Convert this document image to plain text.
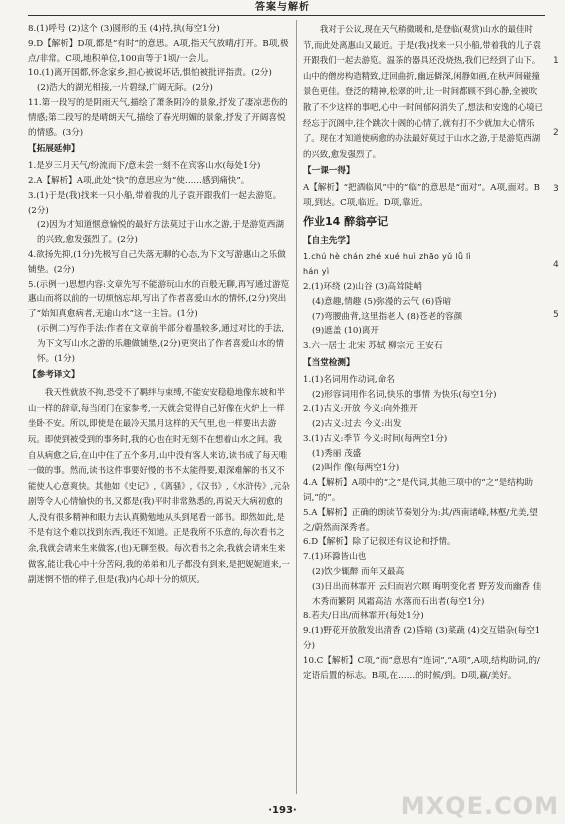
答案与解析

8.(1)呼号 (2)这个 (3)圆形的玉 (4)持,执(每空1分)

9.D【解析】D项,都是“有时”的意思。A项,指天气放晴/打开。B项,极点/非常。C项,地积单位,100亩等于1顷/一会儿。

10.(1)离开国都,怀念家乡,担心被说坏话,惧怕被批评指责。(2分)

(2)浩大的湖光相接,一片碧绿,广阔无际。(2分)

11.第一段写的是阴雨天气,描绘了萧条阴冷的景象,抒发了凄凉悲伤的情感;第二段写的是晴朗天气,描绘了春光明媚的景象,抒发了开阔喜悦的情感。(3分)

【拓展延伸】

1.是岁三月天气/纷流而下/意未尝一刻不在宾客山水(每处1分)

2.A【解析】A项,此处“快”的意思应为“使……感到痛快”。

3.(1)于是(我)找来一只小船,带着我的儿子袁开跟我们一起去游览。(2分)

(2)因为才知道惬意愉悦的最好方法莫过于山水之游,于是游览西湖的兴致,愈发强烈了。(2分)

4.欲扬先抑,(1分)先极写自己失落无聊的心态,为下文写游惠山之乐做铺垫。(2分)

5.(示例一)思想内容:文章先写不能游玩山水的百般无聊,再写通过游览惠山而将以前的一切烦恼忘却,写出了作者喜爱山水的情怀,(2分)突出了“始知真愈病者,无逾山水”这一主旨。(1分)

(示例二)写作手法:作者在文章前半部分着墨较多,通过对比的手法,为下文写山水之游的乐趣做铺垫,(2分)更突出了作者喜爱山水的情怀。(1分)

【参考译文】

我天性就放不拘,恐受不了羁绊与束缚,不能安安稳稳地像东坡和半山一样的辞章,每当闭门在家参考,一天就会觉得自己好像在火炉上一样坐卧不安。所以,即使是在最冷天黑月这样的天气里,也一样要出去游玩。即使到被受到的事务时,我的心也在时无刻不在想着山水之间。我自从病愈之后,在山中住了五个多月,山中没有客人来访,读书成了每天唯一做的事。然而,读书这件事要好慢的书不太能得要,艰深难解的书又不能使人心意爽快。其他如《史记》,《离骚》,《汉书》,《水浒传》,元杂剧等令人心情愉快的书,又都是(我)平时非常熟悉的,再说天大病初愈的人,没有很多精神和眼力去认真勤勉地从头到尾看一部书。即然如此,是不是有这个难以找到东西,我还不知道。正是我所不乐意的,每次看书之余,我就会请来生来做客,(也)无聊至极。每次看书之余,我就会请来生来做客,能让我心中十分苦闷,我的弟弟和儿子都没有到来,是把妮妮道来,一副迷惘不悟的样子,但是(我)内心却十分的烦厌。

我对于公议,现在天气稍微暖和,是登临(观赏)山水的最佳时节,而此处离惠山又最近。于是(我)找来一只小船,带着我的儿子袁开跟我们一起去游览。温茶的器具还没烧热,我们已经到了山下。山中的僧房构造精致,迂回曲折,幽远僻深,闲静如画,在秋声间碰撞景色更佳。登泛的精神,松翠的叶,让一时间都顾不到心静,全被吹散了不少这样的事吧,心中一时间郁闷消失了,想法和安逸的心境已经忘于沉阁中,往个跳次十阁的心情了,就有打不少就加大心情乐了。现在才知道使病愈的办法最好莫过于山水之游,于是游览西湖的兴致,愈发强烈了。

【一课一得】

A【解析】“把酒临风”中的“临”的意思是“面对”。A项,面对。B项,到达。C项,临近。D项,靠近。

作业14 醉翁亭记

【自主先学】

1.chú hè chán zhé xué huì zhāo yǔ lǚ lì

hán yì

2.(1)环绕 (2)山谷 (3)高耸陡峭

(4)意趣,情趣 (5)弥漫的云气 (6)昏暗

(7)弯腰曲背,这里指老人 (8)苍老的容颜

(9)遮盖 (10)离开

3.六一居士 北宋 苏轼 柳宗元 王安石

【当堂检测】

1.(1)名词用作动词,命名

(2)形容词用作名词,快乐的事情 为快乐(每空1分)

2.(1)古义:开放 今义:向外推开

(2)古义:过去 今义:出发

3.(1)古义:季节 今义:时间(每两空1分)

(1)秀丽 茂盛

(2)叫作 像(每两空1分)

4.A【解析】A项中的“之”是代词,其他三项中的“之”是结构助词,“的”。

5.A【解析】正确的朗读节奏划分为:其/西南诸峰,林壑/尤美,望之/蔚然而深秀者。

6.D【解析】除了记叙还有议论和抒情。

7.(1)环滁皆山也

(2)饮少辄醉 而年又最高

(3)日出而林霏开 云归而岩穴暝 晦明变化者 野芳发而幽香 佳木秀而繁阴 风霜高洁 水落而石出者(每空1分)

8.若夫/日出/而林霏开(每处1分)

9.(1)野花开放散发出清香 (2)昏暗 (3)菜蔬 (4)交互错杂(每空1分)

10.C【解析】C项,“而”意思有“连词”,“A项”,A项,结构助词,的/定语后置的标志。B项,在……的时候/到。D项,赢/美好。

1
2
3
4
5
·193·	MXQE.COM
